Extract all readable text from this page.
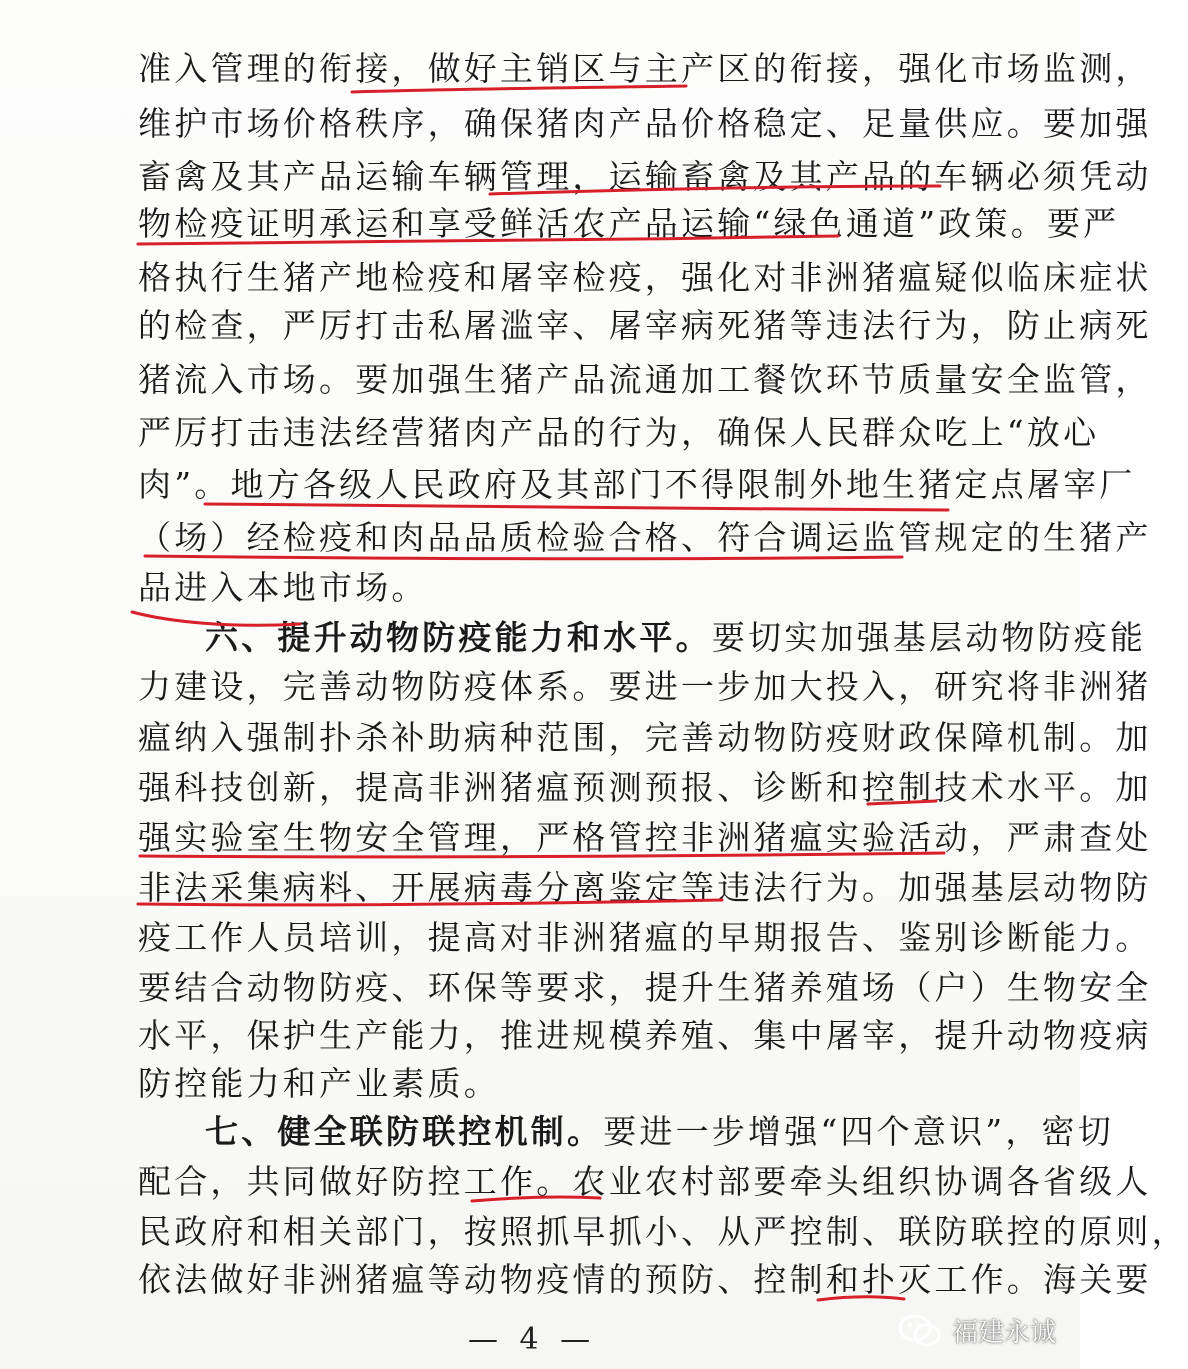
准入管理的衔接，做好主销区与主产区的衔接，强化市场监测，
维护市场价格秩序，确保猪肉产品价格稳定、足量供应。要加强
畜禽及其产品运输车辆管理，运输畜禽及其产品的车辆必须凭动
物检疫证明承运和享受鲜活农产品运输“绿色通道”政策。要严
格执行生猪产地检疫和屠宰检疫，强化对非洲猪瘟疑似临床症状
的检查，严厉打击私屠滥宰、屠宰病死猪等违法行为，防止病死
猪流入市场。要加强生猪产品流通加工餐饮环节质量安全监管，
严厉打击违法经营猪肉产品的行为，确保人民群众吃上“放心
肉”。地方各级人民政府及其部门不得限制外地生猪定点屠宰厂
（场）经检疫和肉品品质检验合格、符合调运监管规定的生猪产
品进入本地市场。
六、提升动物防疫能力和水平。要切实加强基层动物防疫能
力建设，完善动物防疫体系。要进一步加大投入，研究将非洲猪
瘟纳入强制扑杀补助病种范围，完善动物防疫财政保障机制。加
强科技创新，提高非洲猪瘟预测预报、诊断和控制技术水平。加
强实验室生物安全管理，严格管控非洲猪瘟实验活动，严肃查处
非法采集病料、开展病毒分离鉴定等违法行为。加强基层动物防
疫工作人员培训，提高对非洲猪瘟的早期报告、鉴别诊断能力。
要结合动物防疫、环保等要求，提升生猪养殖场（户）生物安全
水平，保护生产能力，推进规模养殖、集中屠宰，提升动物疫病
防控能力和产业素质。
七、健全联防联控机制。要进一步增强“四个意识”，密切
配合，共同做好防控工作。农业农村部要牵头组织协调各省级人
民政府和相关部门，按照抓早抓小、从严控制、联防联控的原则，
依法做好非洲猪瘟等动物疫情的预防、控制和扑灭工作。海关要
— 4 —	福建永诚
